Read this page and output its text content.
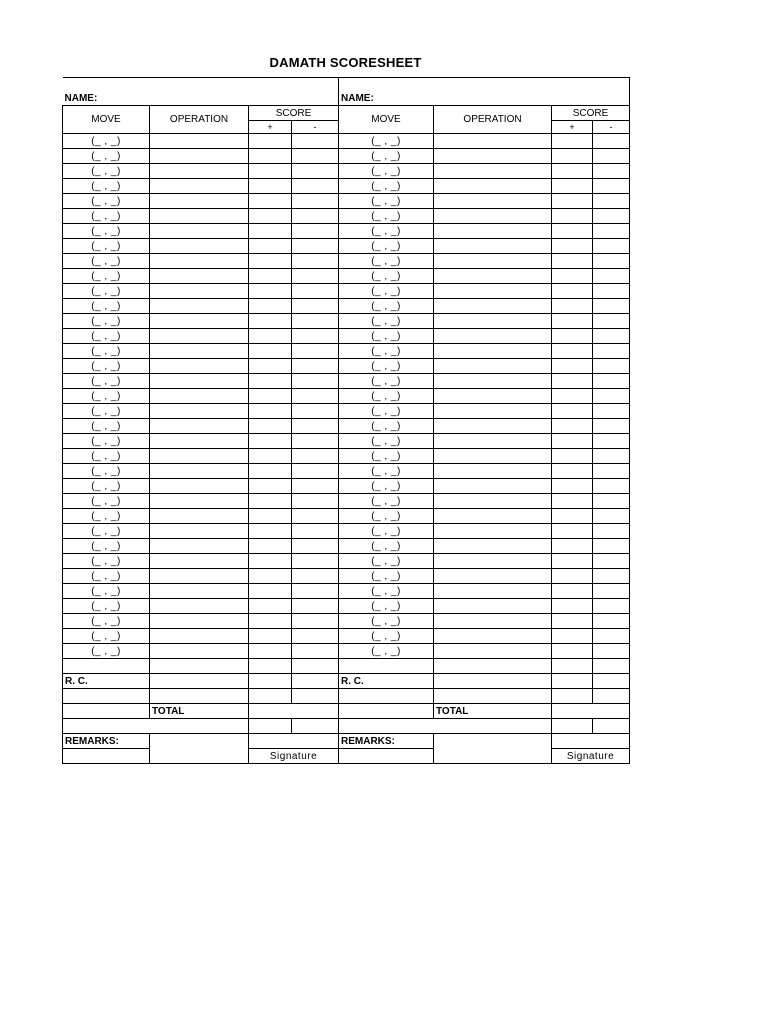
DAMATH SCORESHEET
NAME:			
MOVE	OPERATION	SCORE	
		+	-
(_ , _)			
(_ , _)			
(_ , _)			
(_ , _)			
(_ , _)			
(_ , _)			
(_ , _)			
(_ , _)			
(_ , _)			
(_ , _)			
(_ , _)			
(_ , _)			
(_ , _)			
(_ , _)			
(_ , _)			
(_ , _)			
(_ , _)			
(_ , _)			
(_ , _)			
(_ , _)			
(_ , _)			
(_ , _)			
(_ , _)			
(_ , _)			
(_ , _)			
(_ , _)			
(_ , _)			
(_ , _)			
(_ , _)			
(_ , _)			
(_ , _)			
(_ , _)			
(_ , _)			
(_ , _)			
(_ , _)			

R. C.			

	TOTAL		

REMARKS:			
		Signature	
NAME:			
MOVE	OPERATION	SCORE	
		+	-
(_ , _)			
(_ , _)			
(_ , _)			
(_ , _)			
(_ , _)			
(_ , _)			
(_ , _)			
(_ , _)			
(_ , _)			
(_ , _)			
(_ , _)			
(_ , _)			
(_ , _)			
(_ , _)			
(_ , _)			
(_ , _)			
(_ , _)			
(_ , _)			
(_ , _)			
(_ , _)			
(_ , _)			
(_ , _)			
(_ , _)			
(_ , _)			
(_ , _)			
(_ , _)			
(_ , _)			
(_ , _)			
(_ , _)			
(_ , _)			
(_ , _)			
(_ , _)			
(_ , _)			
(_ , _)			
(_ , _)			

R. C.			

	TOTAL		

REMARKS:			
		Signature	
